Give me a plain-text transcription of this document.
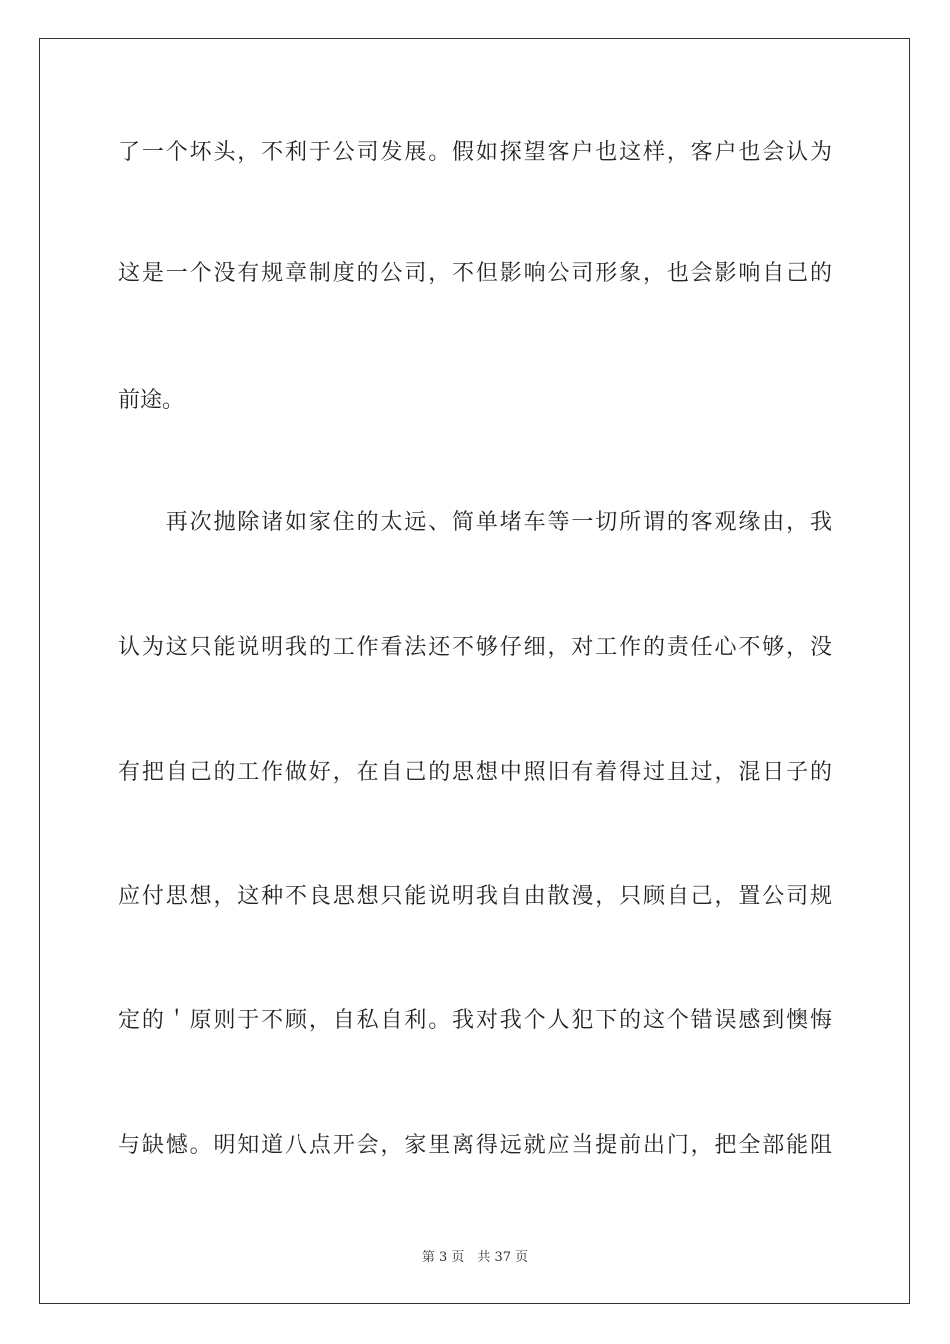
了一个坏头，不利于公司发展。假如探望客户也这样，客户也会认为
这是一个没有规章制度的公司，不但影响公司形象，也会影响自己的
前途。
　　再次抛除诸如家住的太远、简单堵车等一切所谓的客观缘由，我
认为这只能说明我的工作看法还不够仔细，对工作的责任心不够，没
有把自己的工作做好，在自己的思想中照旧有着得过且过，混日子的
应付思想，这种不良思想只能说明我自由散漫，只顾自己，置公司规
定的＇原则于不顾，自私自利。我对我个人犯下的这个错误感到懊悔
与缺憾。明知道八点开会，家里离得远就应当提前出门，把全部能阻
第 3 页　共 37 页
